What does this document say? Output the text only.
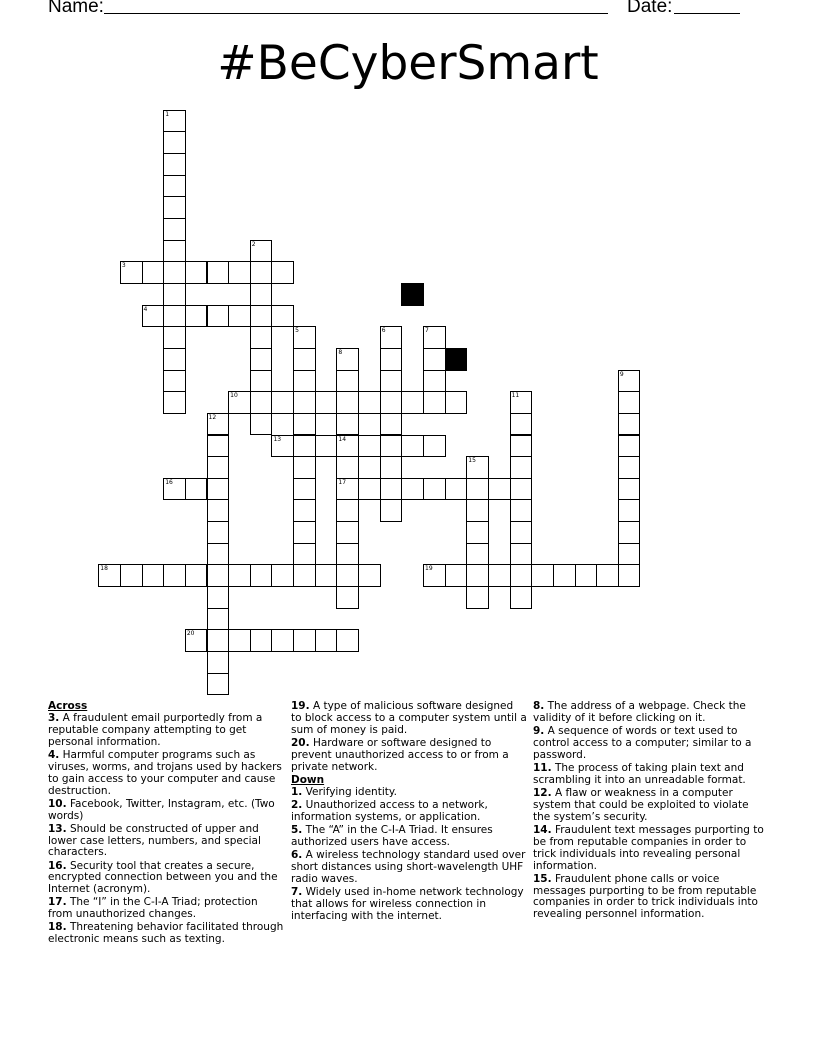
Name:	Date:
#BeCyberSmart
1
2
3
4
5	6	7
8
14
17
9
10	11
12
13
15
16
18	19
20
Across
3. A fraudulent email purportedly from a reputable company attempting to get personal information.
4. Harmful computer programs such as viruses, worms, and trojans used by hackers to gain access to your computer and cause destruction.
10. Facebook, Twitter, Instagram, etc. (Two words)
13. Should be constructed of upper and lower case letters, numbers, and special characters.
16. Security tool that creates a secure, encrypted connection between you and the Internet (acronym).
17. The “I” in the C-I-A Triad; protection from unauthorized changes.
18. Threatening behavior facilitated through electronic means such as texting.
19. A type of malicious software designed to block access to a computer system until a sum of money is paid.
20. Hardware or software designed to prevent unauthorized access to or from a private network.
Down
1. Verifying identity.
2. Unauthorized access to a network, information systems, or application.
5. The “A” in the C-I-A Triad. It ensures authorized users have access.
6. A wireless technology standard used over short distances using short-wavelength UHF radio waves.
7. Widely used in-home network technology that allows for wireless connection in interfacing with the internet.
8. The address of a webpage. Check the validity of it before clicking on it.
9. A sequence of words or text used to control access to a computer; similar to a password.
11. The process of taking plain text and scrambling it into an unreadable format.
12. A flaw or weakness in a computer system that could be exploited to violate the system’s security.
14. Fraudulent text messages purporting to be from reputable companies in order to trick individuals into revealing personal information.
15. Fraudulent phone calls or voice messages purporting to be from reputable companies in order to trick individuals into revealing personnel information.
